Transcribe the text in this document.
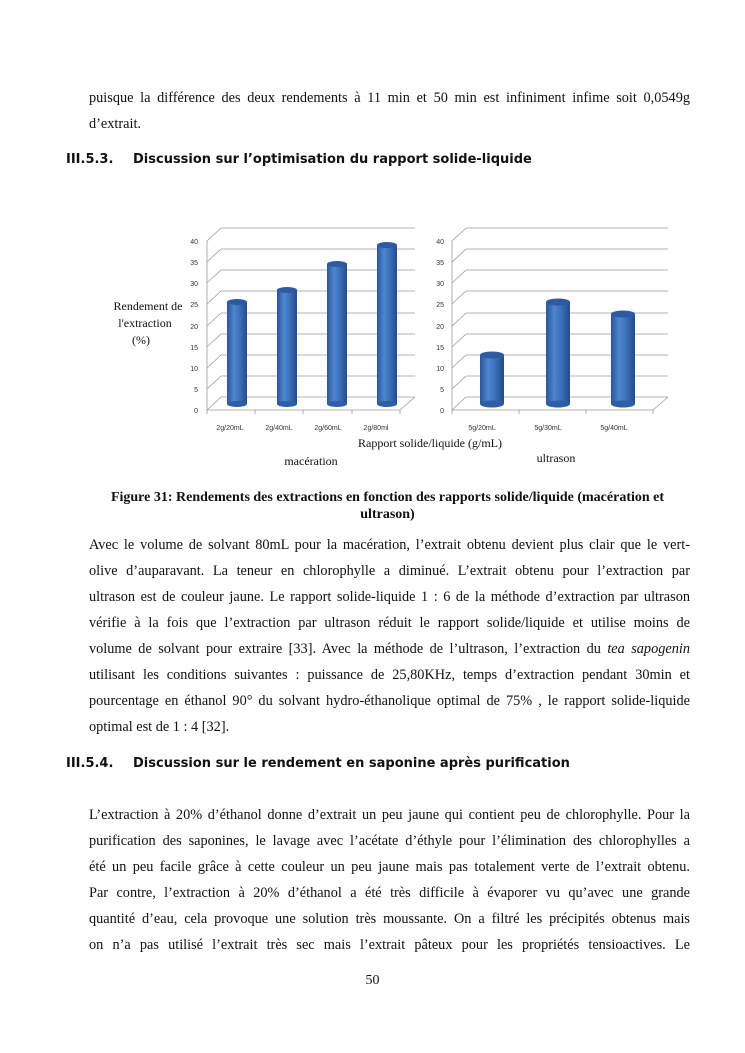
puisque la différence des deux rendements à 11 min et 50 min est infiniment infime soit 0,0549g
d’extrait.
III.5.3. Discussion sur l’optimisation du rapport solide-liquide
0
5
10
15
20
25
30
35
40
2g/20mL	2g/40mL	2g/60mL	2g/80ml
Rendement de
l'extraction
(%)
macération
Rapport solide/liquide (g/mL)
0
5
10
15
20
25
30
35
40
5g/20mL	5g/30mL	5g/40mL
ultrason
Figure 31: Rendements des extractions en fonction des rapports solide/liquide (macération et
ultrason)
Avec le volume de solvant 80mL pour la macération, l’extrait obtenu devient plus clair que le vert-
olive d’auparavant. La teneur en chlorophylle a diminué. L’extrait obtenu pour l’extraction par
ultrason est de couleur jaune. Le rapport solide-liquide 1 : 6 de la méthode d’extraction par ultrason
vérifie à la fois que l’extraction par ultrason réduit le rapport solide/liquide et utilise moins de
volume de solvant pour extraire [33]. Avec la méthode de l’ultrason, l’extraction du tea sapogenin
utilisant les conditions suivantes : puissance de 25,80KHz, temps d’extraction pendant 30min et
pourcentage en éthanol 90° du solvant hydro-éthanolique optimal de 75% , le rapport solide-liquide
optimal est de 1 : 4 [32].
III.5.4. Discussion sur le rendement en saponine après purification
L’extraction à 20% d’éthanol donne d’extrait un peu jaune qui contient peu de chlorophylle. Pour la
purification des saponines, le lavage avec l’acétate d’éthyle pour l’élimination des chlorophylles a
été un peu facile grâce à cette couleur un peu jaune mais pas totalement verte de l’extrait obtenu.
Par contre, l’extraction à 20% d’éthanol a été très difficile à évaporer vu qu’avec une grande
quantité d’eau, cela provoque une solution très moussante. On a filtré les précipités obtenus mais
on n’a pas utilisé l’extrait très sec mais l’extrait pâteux pour les propriétés tensioactives. Le
50
